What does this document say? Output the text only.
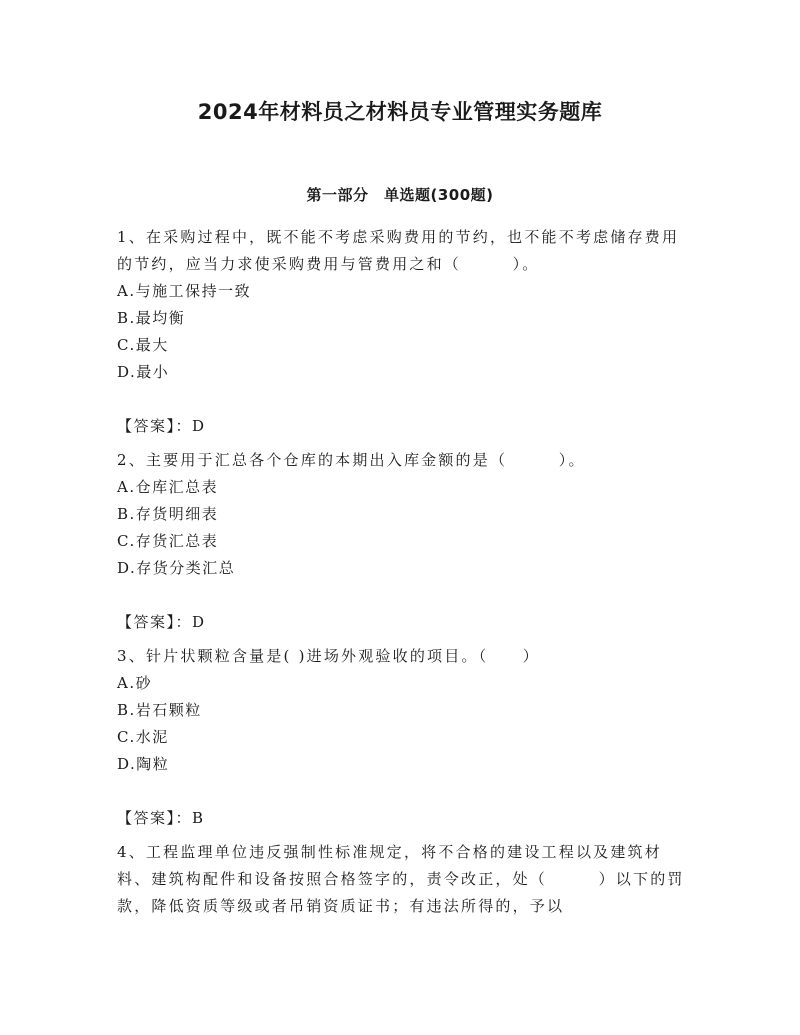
2024年材料员之材料员专业管理实务题库
第一部分　单选题(300题)

1、在采购过程中，既不能不考虑采购费用的节约，也不能不考虑储存费用的节约，应当力求使采购费用与管费用之和（　　　）。

A.与施工保持一致

B.最均衡

C.最大

D.最小

【答案】：D

2、主要用于汇总各个仓库的本期出入库金额的是（　　　）。

A.仓库汇总表

B.存货明细表

C.存货汇总表

D.存货分类汇总

【答案】：D

3、针片状颗粒含量是( )进场外观验收的项目。（　　）

A.砂

B.岩石颗粒

C.水泥

D.陶粒

【答案】：B

4、工程监理单位违反强制性标准规定，将不合格的建设工程以及建筑材料、建筑构配件和设备按照合格签字的，责令改正，处（　　　）以下的罚款，降低资质等级或者吊销资质证书；有违法所得的，予以
